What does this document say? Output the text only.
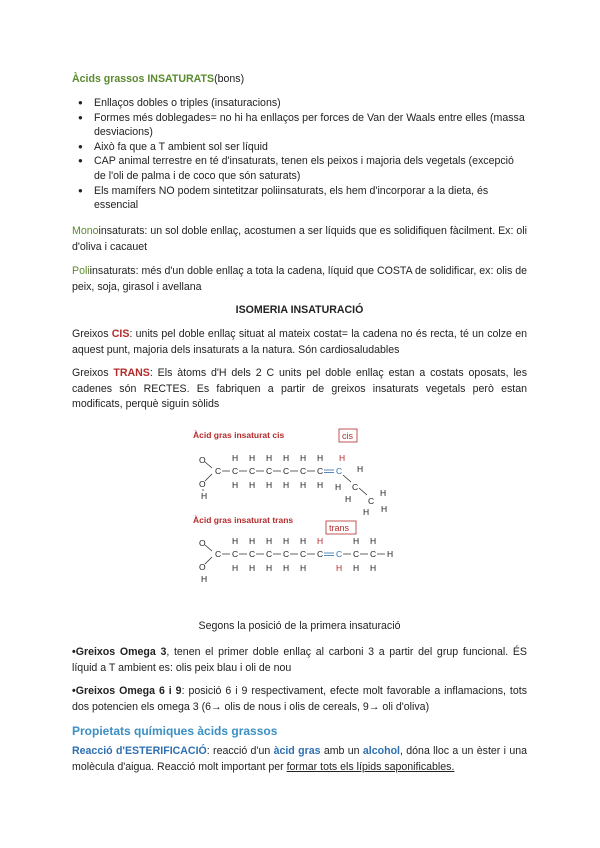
Àcids grassos INSATURATS(bons)
● Enllaços dobles o triples (insaturacions)
● Formes més doblegades= no hi ha enllaços per forces de Van der Waals entre elles (massa desviacions)
● Això fa que a T ambient sol ser líquid
● CAP animal terrestre en té d'insaturats, tenen els peixos i majoria dels vegetals (excepció de l'oli de palma i de coco que són saturats)
● Els mamífers NO podem sintetitzar poliinsaturats, els hem d'incorporar a la dieta, és essencial
Monoinsaturats: un sol doble enllaç, acostumen a ser líquids que es solidifiquen fàcilment. Ex: oli d'oliva i cacauet
Poliinsaturats: més d'un doble enllaç a tota la cadena, líquid que COSTA de solidificar, ex: olis de peix, soja, girasol i avellana
ISOMERIA INSATURACIÓ
Greixos CIS: units pel doble enllaç situat al mateix costat= la cadena no és recta, té un colze en aquest punt, majoria dels insaturats a la natura. Són cardiosaludables
Greixos TRANS: Els àtoms d'H dels 2 C units pel doble enllaç estan a costats oposats, les cadenes són RECTES. Es fabriquen a partir de greixos insaturats vegetals però estan modificats, perquè siguin sòlids
Àcid gras insaturat cis	cis
O
O
H
C C C C C C C C
H
H
H
H
H
H
H
H
H
H
H
H
H
C
C
H
H
H
H H
H
Àcid gras insaturat trans
trans
O
O
H
C C C C C C C C C C H
H H H H H H	H H
H H H H H	H H H
Segons la posició de la primera insaturació
•Greixos Omega 3, tenen el primer doble enllaç al carboni 3 a partir del grup funcional. ÉS líquid a T ambient es: olis peix blau i oli de nou
•Greixos Omega 6 i 9: posició 6 i 9 respectivament, efecte molt favorable a inflamacions, tots dos potencien els omega 3 (6→ olis de nous i olis de cereals, 9→ oli d'oliva)
Propietats químiques àcids grassos
Reacció d'ESTERIFICACIÓ: reacció d'un àcid gras amb un alcohol, dóna lloc a un èster i una molècula d'aigua. Reacció molt important per formar tots els lípids saponificables.
